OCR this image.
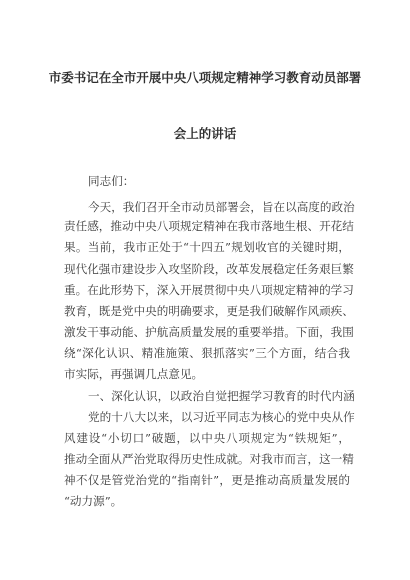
市委书记在全市开展中央八项规定精神学习教育动员部署
会上的讲话
同志们：
今天，我们召开全市动员部署会，旨在以高度的政治
责任感，推动中央八项规定精神在我市落地生根、开花结
果。当前，我市正处于“十四五”规划收官的关键时期，
现代化强市建设步入攻坚阶段，改革发展稳定任务艰巨繁
重。在此形势下，深入开展贯彻中央八项规定精神的学习
教育，既是党中央的明确要求，更是我们破解作风顽疾、
激发干事动能、护航高质量发展的重要举措。下面，我围
绕“深化认识、精准施策、狠抓落实”三个方面，结合我
市实际，再强调几点意见。
一、深化认识，以政治自觉把握学习教育的时代内涵
党的十八大以来，以习近平同志为核心的党中央从作
风建设“小切口”破题，以中央八项规定为“铁规矩”，
推动全面从严治党取得历史性成就。对我市而言，这一精
神不仅是管党治党的“指南针”，更是推动高质量发展的
“动力源”。
